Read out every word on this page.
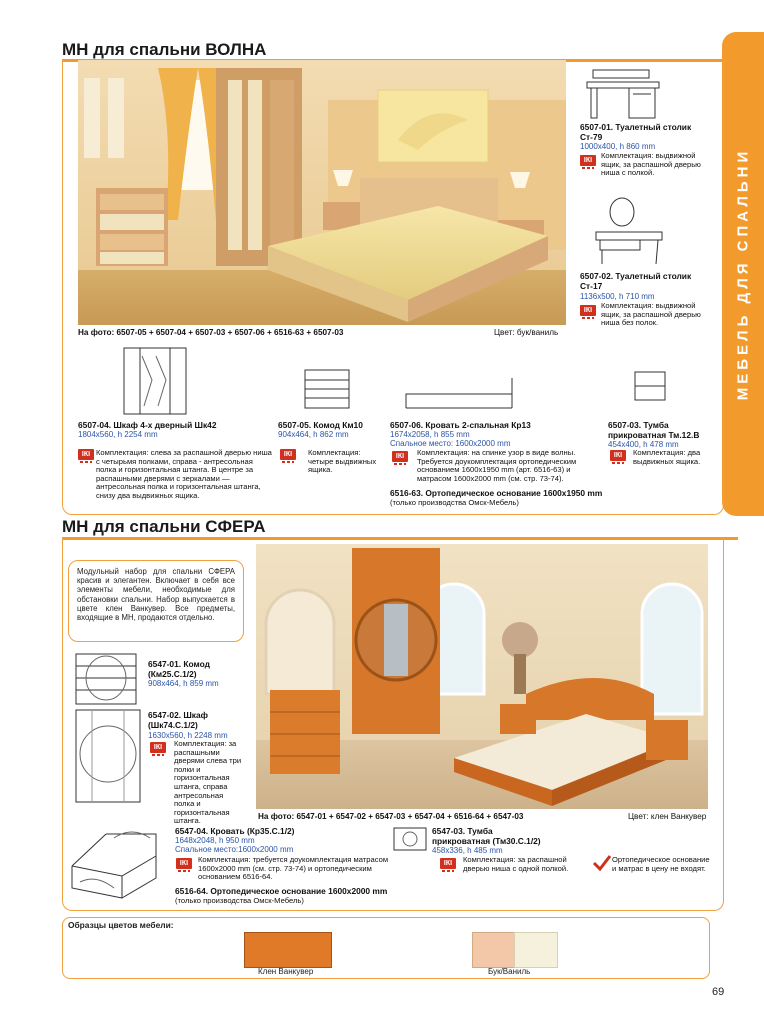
МЕБЕЛЬ ДЛЯ СПАЛЬНИ
МН для спальни ВОЛНА
На фото: 6507-05 + 6507-04 + 6507-03 + 6507-06 + 6516-63 + 6507-03	Цвет: бук/ваниль
6507-01. Туалетный столик Ст-79
1000x400, h 860 mm
ІКІ
Комплектация: выдвижной ящик, за распашной дверью ниша с полкой.
6507-02. Туалетный столик Ст-17
1136x500, h 710 mm
ІКІ
Комплектация: выдвижной ящик, за распашной дверью ниша без полок.
6507-04. Шкаф 4-х дверный Шк42
1804x560, h 2254 mm
ІКІ Комплектация: слева за распашной дверью ниша с четырьмя полками, справа - антресольная полка и горизонтальная штанга. В центре за распашными дверями с зеркалами — антресольная полка и горизонтальная штанга, снизу два выдвижных ящика.
6507-05. Комод Км10
904x464, h 862 mm
ІКІ	Комплектация: четыре выдвижных ящика.
6507-06. Кровать 2-спальная Кр13
1674x2058, h 855 mm
Спальное место: 1600x2000 mm
ІКІ	Комплектация: на спинке узор в виде волны. Требуется доукомплектация ортопедическим основанием 1600x1950 mm (арт. 6516-63) и матрасом 1600x2000 mm (см. стр. 73-74).
6516-63. Ортопедическое основание 1600x1950 mm
(только производства Омск-Мебель)
6507-03. Тумба прикроватная Тм.12.В
454x400, h 478 mm
ІКІ	Комплектация: два выдвижных ящика.
МН для спальни СФЕРА
Модульный набор для спальни СФЕРА красив и элегантен. Включает в себя все элементы мебели, необходимые для обстановки спальни. Набор выпускается в цвете клен Ванкувер. Все предметы, входящие в МН, продаются отдельно.
6547-01. Комод (Км25.С.1/2)
908x464, h 859 mm
6547-02. Шкаф (Шк74.С.1/2)
1630x560, h 2248 mm
ІКІ	Комплектация: за распашными дверями слева три полки и горизонтальная штанга, справа антресольная полка и горизонтальная штанга.	На фото: 6547-01 + 6547-02 + 6547-03 + 6547-04 + 6516-64 + 6547-03	Цвет: клен Ванкувер
6547-04. Кровать (Кр35.С.1/2)
1648x2048, h 950 mm
Спальное место:1600x2000 mm
ІКІ	Комплектация: требуется доукомплектация матрасом 1600x2000 mm (см. стр. 73-74) и ортопедическим основанием 6516-64.
6516-64. Ортопедическое основание 1600x2000 mm
(только производства Омск-Мебель)
6547-03. Тумба прикроватная (Тм30.С.1/2)
458x336, h 485 mm
ІКІ	Комплектация: за распашной дверью ниша с одной полкой.
Ортопедическое основание и матрас в цену не входят.
Образцы цветов мебели:
Клен Ванкувер	Бук/Ваниль
69
